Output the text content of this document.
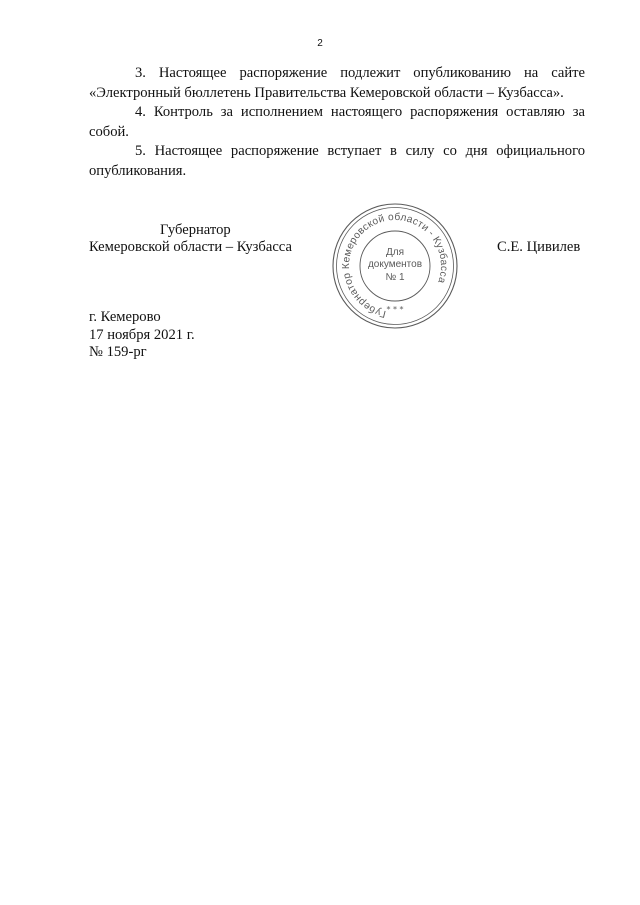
2

3. Настоящее распоряжение подлежит опубликованию на сайте «Электронный бюллетень Правительства Кемеровской области – Кузбасса».

4. Контроль за исполнением настоящего распоряжения оставляю за собой.

5. Настоящее распоряжение вступает в силу со дня официального опубликования.

Губернатор
Кемеровской области – Кузбасса	С.Е. Цивилев
Губернатор Кемеровской области - Кузбасса
Для
документов
№ 1
* * *
г. Кемерово
17 ноября 2021 г.
№ 159-рг
